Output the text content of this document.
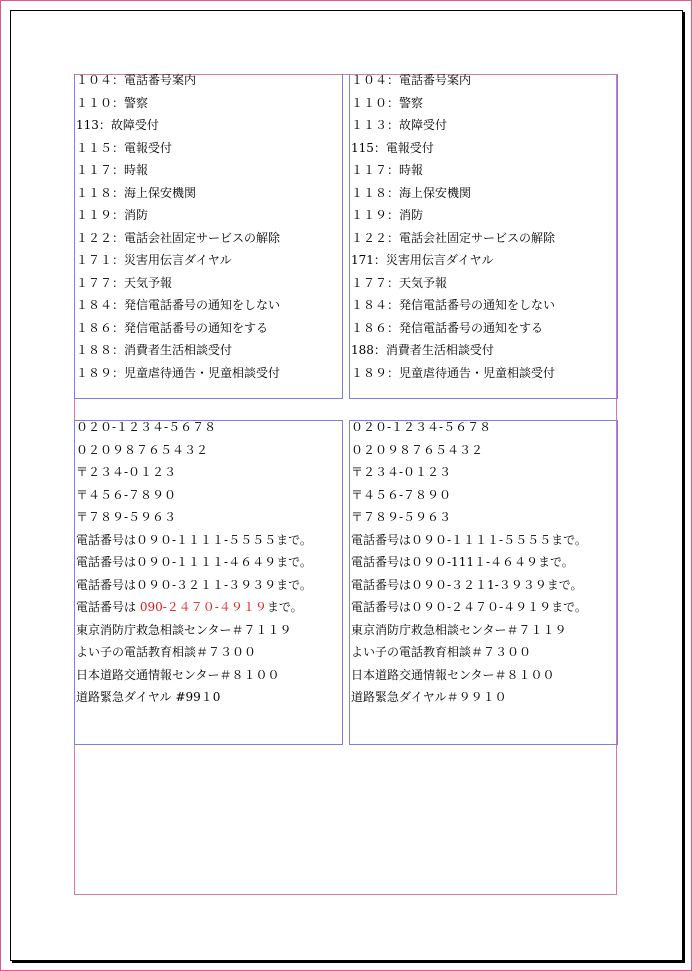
１０４：電話番号案内
１１０：警察
113：故障受付
１１５：電報受付
１１７：時報
１１８：海上保安機関
１１９：消防
１２２：電話会社固定サービスの解除
１７１：災害用伝言ダイヤル
１７７：天気予報
１８４：発信電話番号の通知をしない
１８６：発信電話番号の通知をする
１８８：消費者生活相談受付
１８９：児童虐待通告・児童相談受付
１０４：電話番号案内
１１０：警察
１１３：故障受付
115：電報受付
１１７：時報
１１８：海上保安機関
１１９：消防
１２２：電話会社固定サービスの解除
171：災害用伝言ダイヤル
１７７：天気予報
１８４：発信電話番号の通知をしない
１８６：発信電話番号の通知をする
188：消費者生活相談受付
１８９：児童虐待通告・児童相談受付
０２０‐１２３４‐５６７８
０２０９８７６５４３２
〒２３４‐０１２３
〒４５６‐７８９０
〒７８９‐５９６３
電話番号は０９０‐１１１１‐５５５５まで。
電話番号は０９０‐１１１１‐４６４９まで。
電話番号は０９０‐３２１１‐３９３９まで。
電話番号は 090‐２４７０‐４９１９まで。
東京消防庁救急相談センター＃７１１９
よい子の電話教育相談＃７３００
日本道路交通情報センター＃８１００
道路緊急ダイヤル #99１0
０２０‐１２３４‐５６７８
０２０９８７６５４３２
〒２３４‐０１２３
〒４５６‐７８９０
〒７８９‐５９６３
電話番号は０９０‐１１１１‐５５５５まで。
電話番号は０９０‐111１‐４６４９まで。
電話番号は０９０‐３２１1‐３９３９まで。
電話番号は０９０‐２４７０‐４９１９まで。
東京消防庁救急相談センター＃７１１９
よい子の電話教育相談＃７３００
日本道路交通情報センター＃８１００
道路緊急ダイヤル＃９９１０
